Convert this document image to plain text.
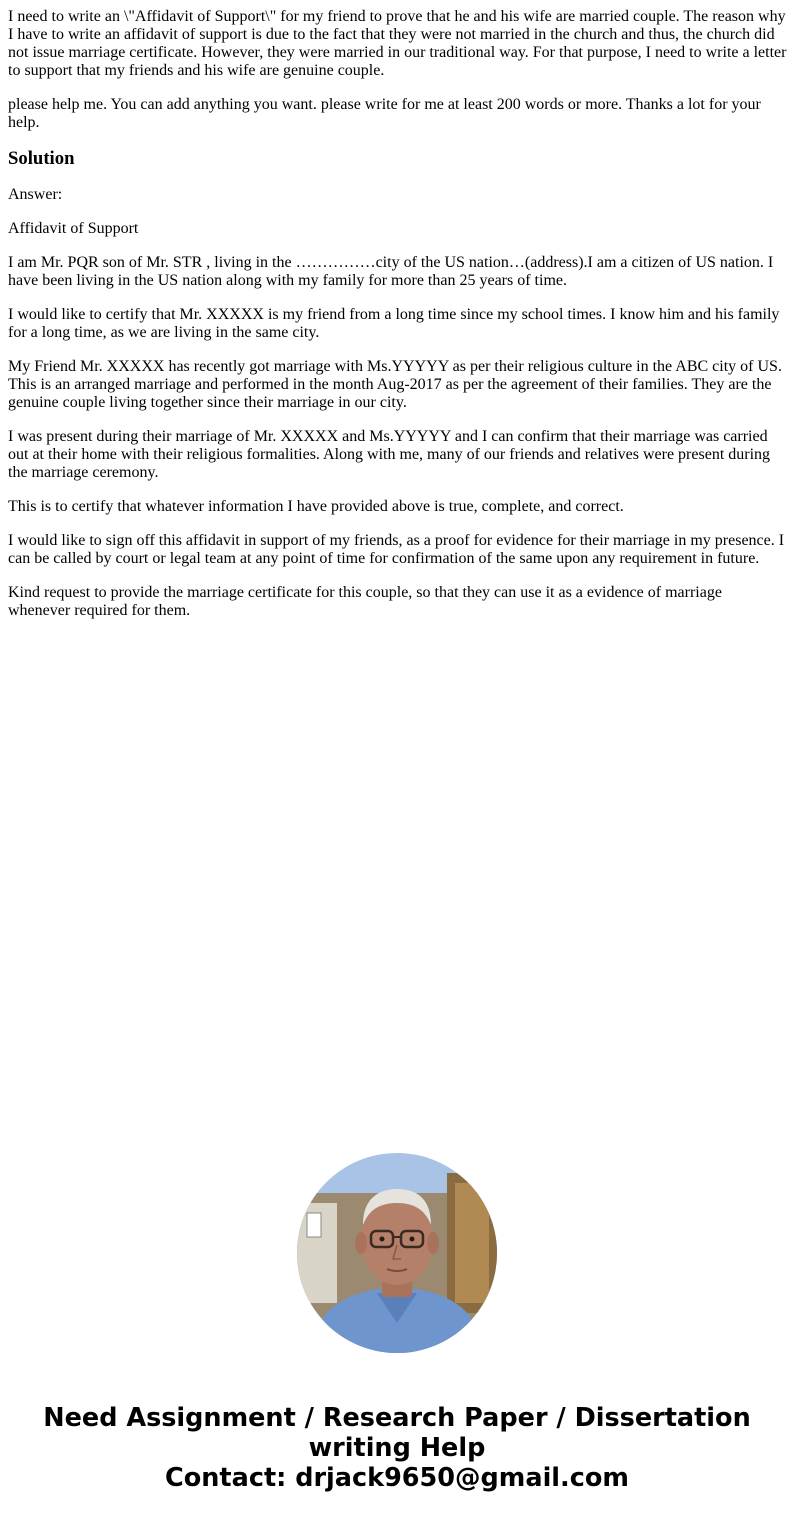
I need to write an \"Affidavit of Support\" for my friend to prove that he and his wife are married couple. The reason why I have to write an affidavit of support is due to the fact that they were not married in the church and thus, the church did not issue marriage certificate. However, they were married in our traditional way. For that purpose, I need to write a letter to support that my friends and his wife are genuine couple.

please help me. You can add anything you want. please write for me at least 200 words or more. Thanks a lot for your help.

Solution

Answer:

Affidavit of Support

I am Mr. PQR son of Mr. STR , living in the ……………city of the US nation…(address).I am a citizen of US nation. I have been living in the US nation along with my family for more than 25 years of time.

I would like to certify that Mr. XXXXX is my friend from a long time since my school times. I know him and his family for a long time, as we are living in the same city.

My Friend Mr. XXXXX has recently got marriage with Ms.YYYYY as per their religious culture in the ABC city of US. This is an arranged marriage and performed in the month Aug-2017 as per the agreement of their families. They are the genuine couple living together since their marriage in our city.

I was present during their marriage of Mr. XXXXX and Ms.YYYYY and I can confirm that their marriage was carried out at their home with their religious formalities. Along with me, many of our friends and relatives were present during the marriage ceremony.

This is to certify that whatever information I have provided above is true, complete, and correct.

I would like to sign off this affidavit in support of my friends, as a proof for evidence for their marriage in my presence. I can be called by court or legal team at any point of time for confirmation of the same upon any requirement in future.

Kind request to provide the marriage certificate for this couple, so that they can use it as a evidence of marriage whenever required for them.

Need Assignment / Research Paper / Dissertation
writing Help
Contact: drjack9650@gmail.com
